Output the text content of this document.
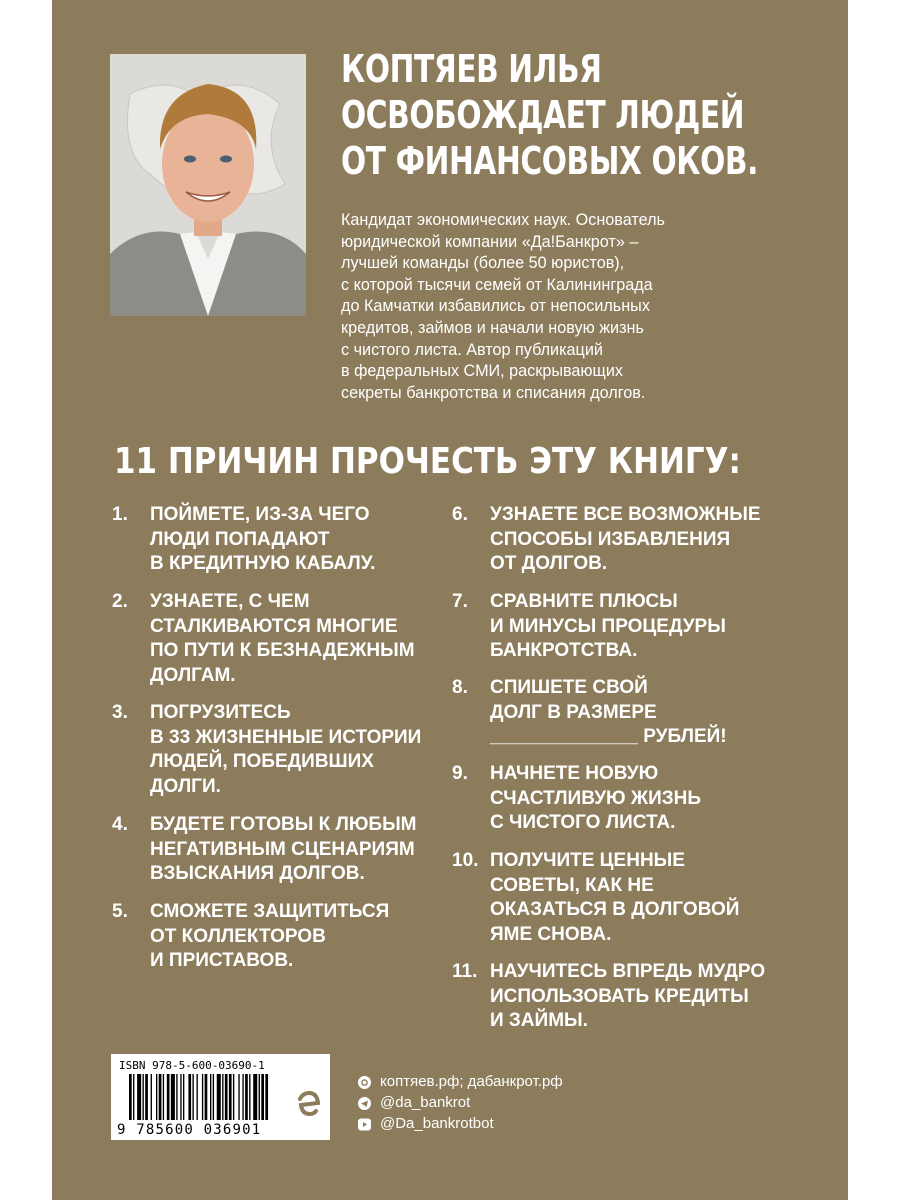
КОПТЯЕВ ИЛЬЯ
ОСВОБОЖДАЕТ ЛЮДЕЙ
ОТ ФИНАНСОВЫХ ОКОВ.
Кандидат экономических наук. Основатель
юридической компании «Да!Банкрот» –
лучшей команды (более 50 юристов),
с которой тысячи семей от Калининграда
до Камчатки избавились от непосильных
кредитов, займов и начали новую жизнь
с чистого листа. Автор публикаций
в федеральных СМИ, раскрывающих
секреты банкротства и списания долгов.
11 ПРИЧИН ПРОЧЕСТЬ ЭТУ КНИГУ:
1. ПОЙМЕТЕ, ИЗ-ЗА ЧЕГО
ЛЮДИ ПОПАДАЮТ
В КРЕДИТНУЮ КАБАЛУ.
2. УЗНАЕТЕ, С ЧЕМ
СТАЛКИВАЮТСЯ МНОГИЕ
ПО ПУТИ К БЕЗНАДЕЖНЫМ
ДОЛГАМ.
3. ПОГРУЗИТЕСЬ
В 33 ЖИЗНЕННЫЕ ИСТОРИИ
ЛЮДЕЙ, ПОБЕДИВШИХ
ДОЛГИ.
4. БУДЕТЕ ГОТОВЫ К ЛЮБЫМ
НЕГАТИВНЫМ СЦЕНАРИЯМ
ВЗЫСКАНИЯ ДОЛГОВ.
5. СМОЖЕТЕ ЗАЩИТИТЬСЯ
ОТ КОЛЛЕКТОРОВ
И ПРИСТАВОВ.
6. УЗНАЕТЕ ВСЕ ВОЗМОЖНЫЕ
СПОСОБЫ ИЗБАВЛЕНИЯ
ОТ ДОЛГОВ.
7. СРАВНИТЕ ПЛЮСЫ
И МИНУСЫ ПРОЦЕДУРЫ
БАНКРОТСТВА.
8. СПИШЕТЕ СВОЙ
ДОЛГ В РАЗМЕРЕ
______________ РУБЛЕЙ!
9. НАЧНЕТЕ НОВУЮ
СЧАСТЛИВУЮ ЖИЗНЬ
С ЧИСТОГО ЛИСТА.
10. ПОЛУЧИТЕ ЦЕННЫЕ
СОВЕТЫ, КАК НЕ
ОКАЗАТЬСЯ В ДОЛГОВОЙ
ЯМЕ СНОВА.
11. НАУЧИТЕСЬ ВПРЕДЬ МУДРО
ИСПОЛЬЗОВАТЬ КРЕДИТЫ
И ЗАЙМЫ.
ISBN 978-5-600-03690-1
9 785600 036901
коптяев.рф; дабанкрот.рф
@da_bankrot
@Da_bankrotbot
